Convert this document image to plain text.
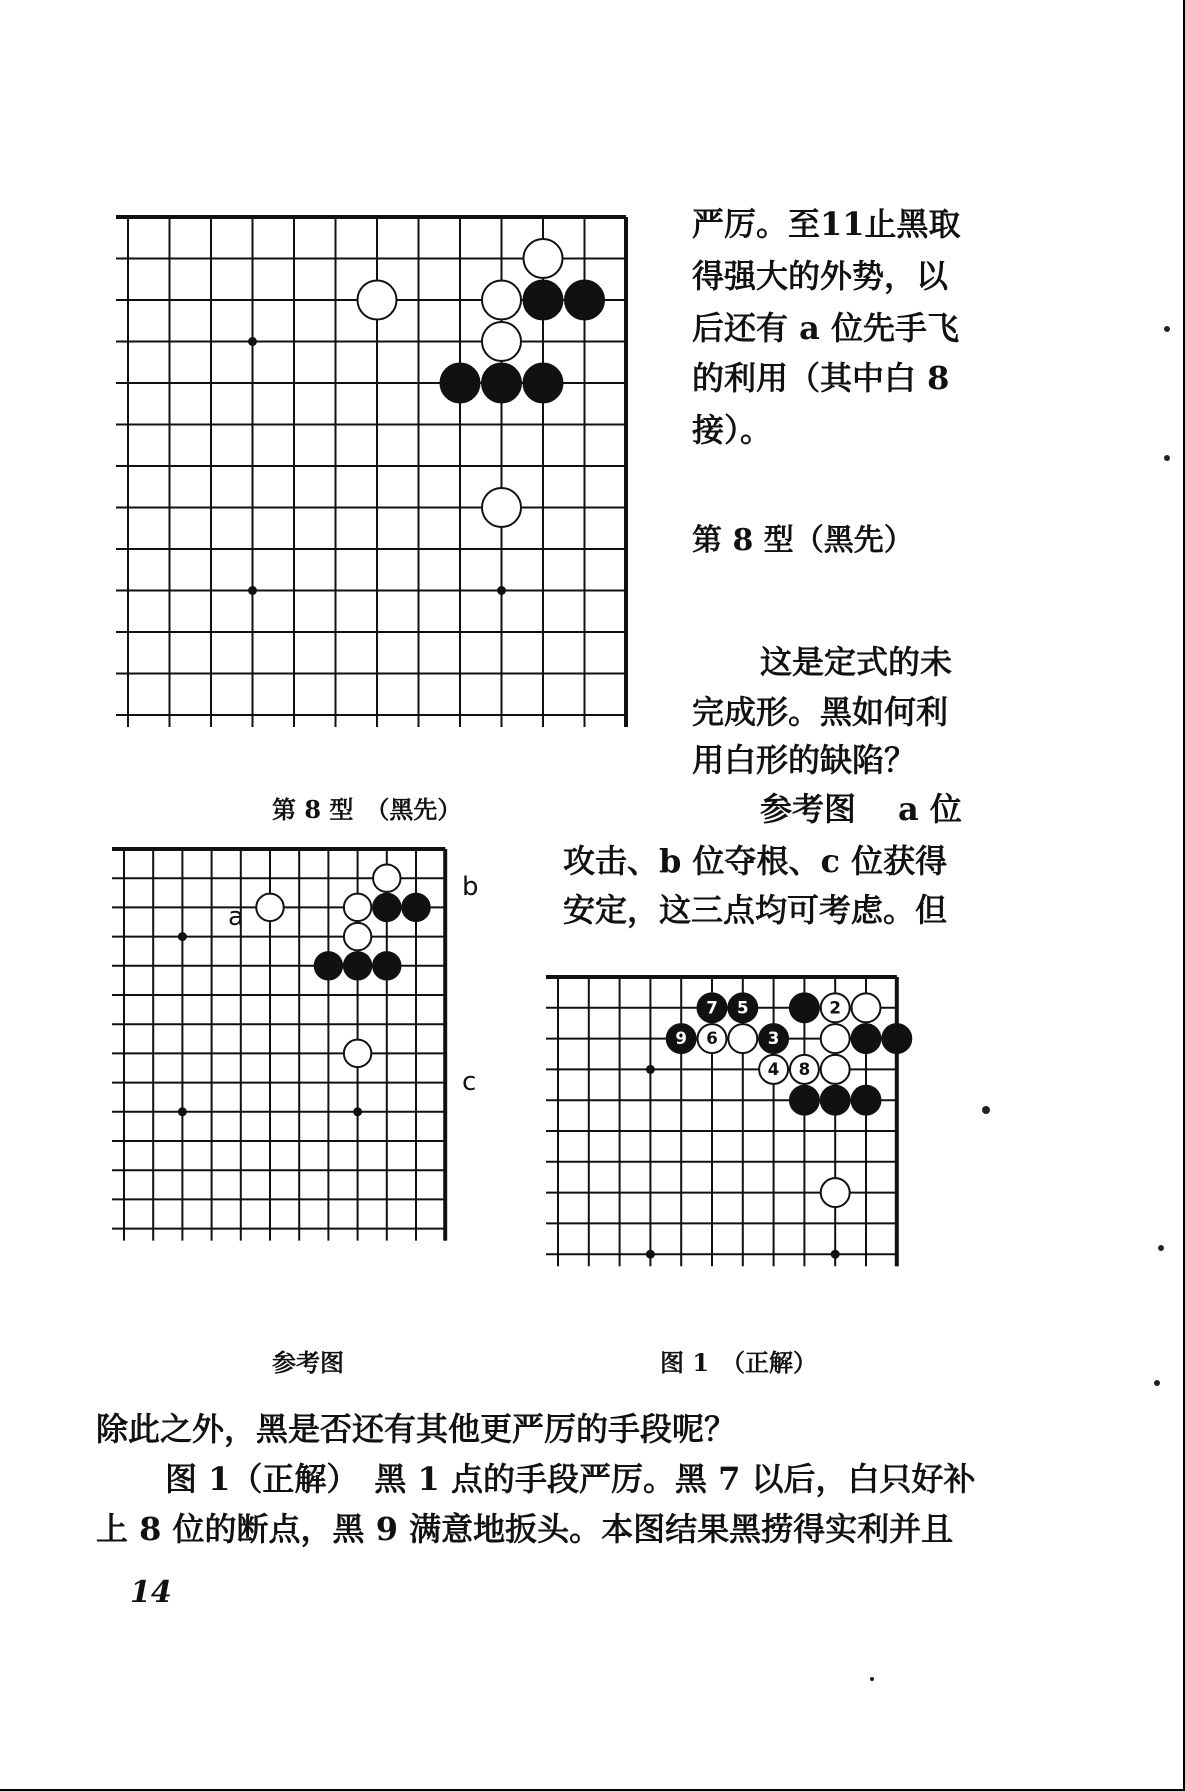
第 8 型　（黑先）
a
b
c
参考图
7 5	2
9 6	3
4 8
图 1　（正解）
严厉。至11止黑取
得强大的外势，以
后还有 a 位先手飞
的利用（其中白 8
接）。
第 8 型（黑先）
这是定式的未
完成形。黑如何利
用白形的缺陷？
参考图 a 位
攻击、b 位夺根、c 位获得
安定，这三点均可考虑。但
除此之外，黑是否还有其他更严厉的手段呢？
图 1（正解）　黑 1 点的手段严厉。黑 7 以后，白只好补
上 8 位的断点，黑 9 满意地扳头。本图结果黑捞得实利并且
14
